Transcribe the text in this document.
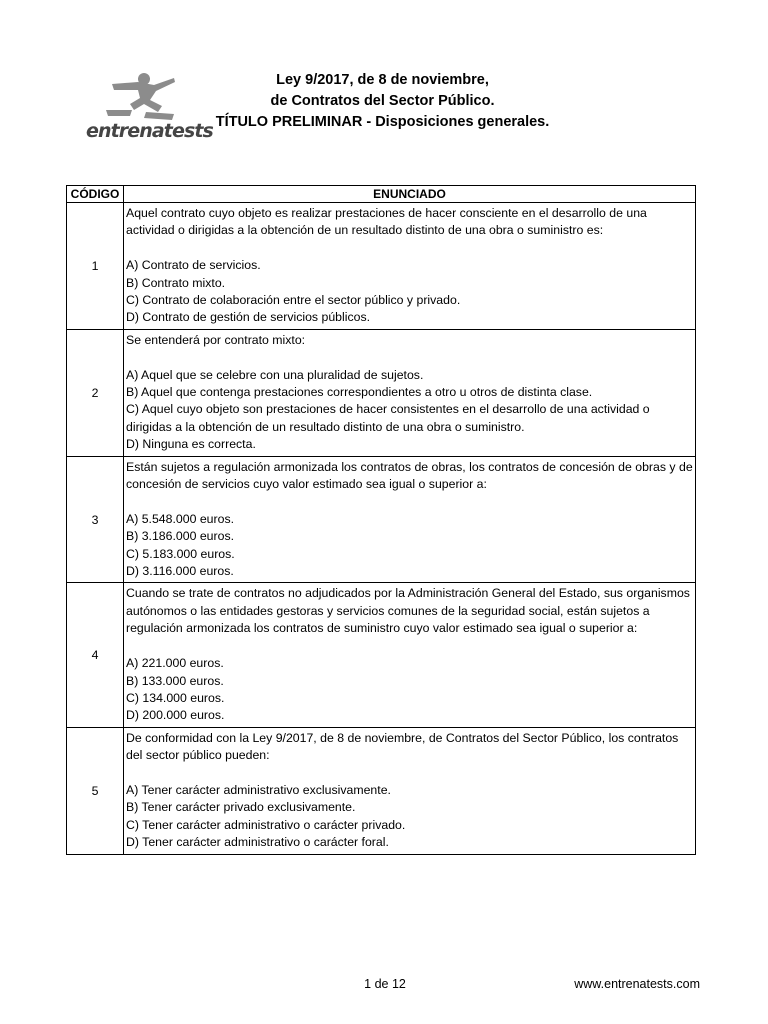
entrenatests
Ley 9/2017, de 8 de noviembre,
de Contratos del Sector Público.
TÍTULO PRELIMINAR - Disposiciones generales.
CÓDIGO	ENUNCIADO
1	Aquel contrato cuyo objeto es realizar prestaciones de hacer consciente en el desarrollo de una actividad o dirigidas a la obtención de un resultado distinto de una obra o suministro es:
A) Contrato de servicios.
B) Contrato mixto.
C) Contrato de colaboración entre el sector público y privado.
D) Contrato de gestión de servicios públicos.

2	Se entenderá por contrato mixto:
A) Aquel que se celebre con una pluralidad de sujetos.
B) Aquel que contenga prestaciones correspondientes a otro u otros de distinta clase.
C) Aquel cuyo objeto son prestaciones de hacer consistentes en el desarrollo de una actividad o dirigidas a la obtención de un resultado distinto de una obra o suministro.
D) Ninguna es correcta.

3	Están sujetos a regulación armonizada los contratos de obras, los contratos de concesión de obras y de concesión de servicios cuyo valor estimado sea igual o superior a:
A) 5.548.000 euros.
B) 3.186.000 euros.
C) 5.183.000 euros.
D) 3.116.000 euros.

4	Cuando se trate de contratos no adjudicados por la Administración General del Estado, sus organismos autónomos o las entidades gestoras y servicios comunes de la seguridad social, están sujetos a regulación armonizada los contratos de suministro cuyo valor estimado sea igual o superior a:
A) 221.000 euros.
B) 133.000 euros.
C) 134.000 euros.
D) 200.000 euros.

5	De conformidad con la Ley 9/2017, de 8 de noviembre, de Contratos del Sector Público, los contratos del sector público pueden:
A) Tener carácter administrativo exclusivamente.
B) Tener carácter privado exclusivamente.
C) Tener carácter administrativo o carácter privado.
D) Tener carácter administrativo o carácter foral.
1 de 12	www.entrenatests.com
